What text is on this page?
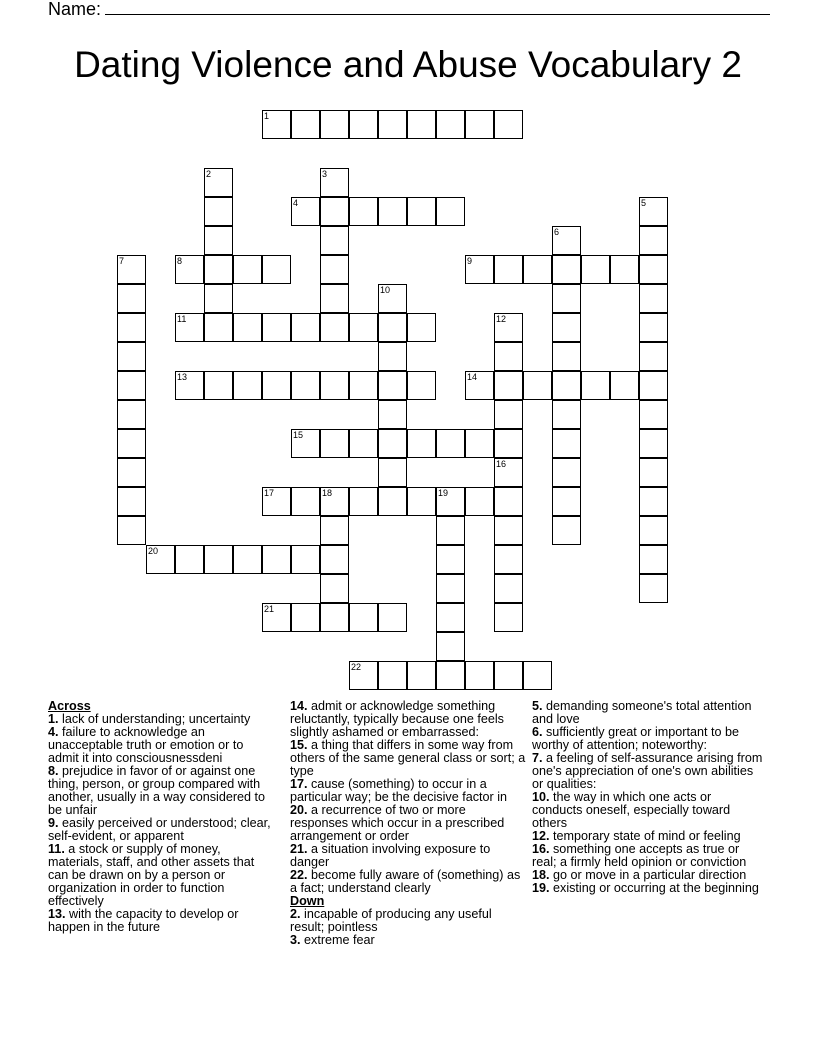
Name:
Dating Violence and Abuse Vocabulary 2
1
2	3
4	5
6
7	8	9
10
11	12
13	14
15
16
17	18	19
20
21
22

Across

1. lack of understanding; uncertainty

4. failure to acknowledge an unacceptable truth or emotion or to admit it into consciousnessdeni

8. prejudice in favor of or against one thing, person, or group compared with another, usually in a way considered to be unfair

9. easily perceived or understood; clear, self-evident, or apparent

11. a stock or supply of money, materials, staff, and other assets that can be drawn on by a person or organization in order to function effectively

13. with the capacity to develop or happen in the future

14. admit or acknowledge something reluctantly, typically because one feels slightly ashamed or embarrassed:

15. a thing that differs in some way from others of the same general class or sort; a type

17. cause (something) to occur in a particular way; be the decisive factor in

20. a recurrence of two or more responses which occur in a prescribed arrangement or order

21. a situation involving exposure to danger

22. become fully aware of (something) as a fact; understand clearly

Down

2. incapable of producing any useful result; pointless

3. extreme fear

5. demanding someone's total attention and love

6. sufficiently great or important to be worthy of attention; noteworthy:

7. a feeling of self-assurance arising from one's appreciation of one's own abilities or qualities:

10. the way in which one acts or conducts oneself, especially toward others

12. temporary state of mind or feeling

16. something one accepts as true or real; a firmly held opinion or conviction

18. go or move in a particular direction

19. existing or occurring at the beginning
